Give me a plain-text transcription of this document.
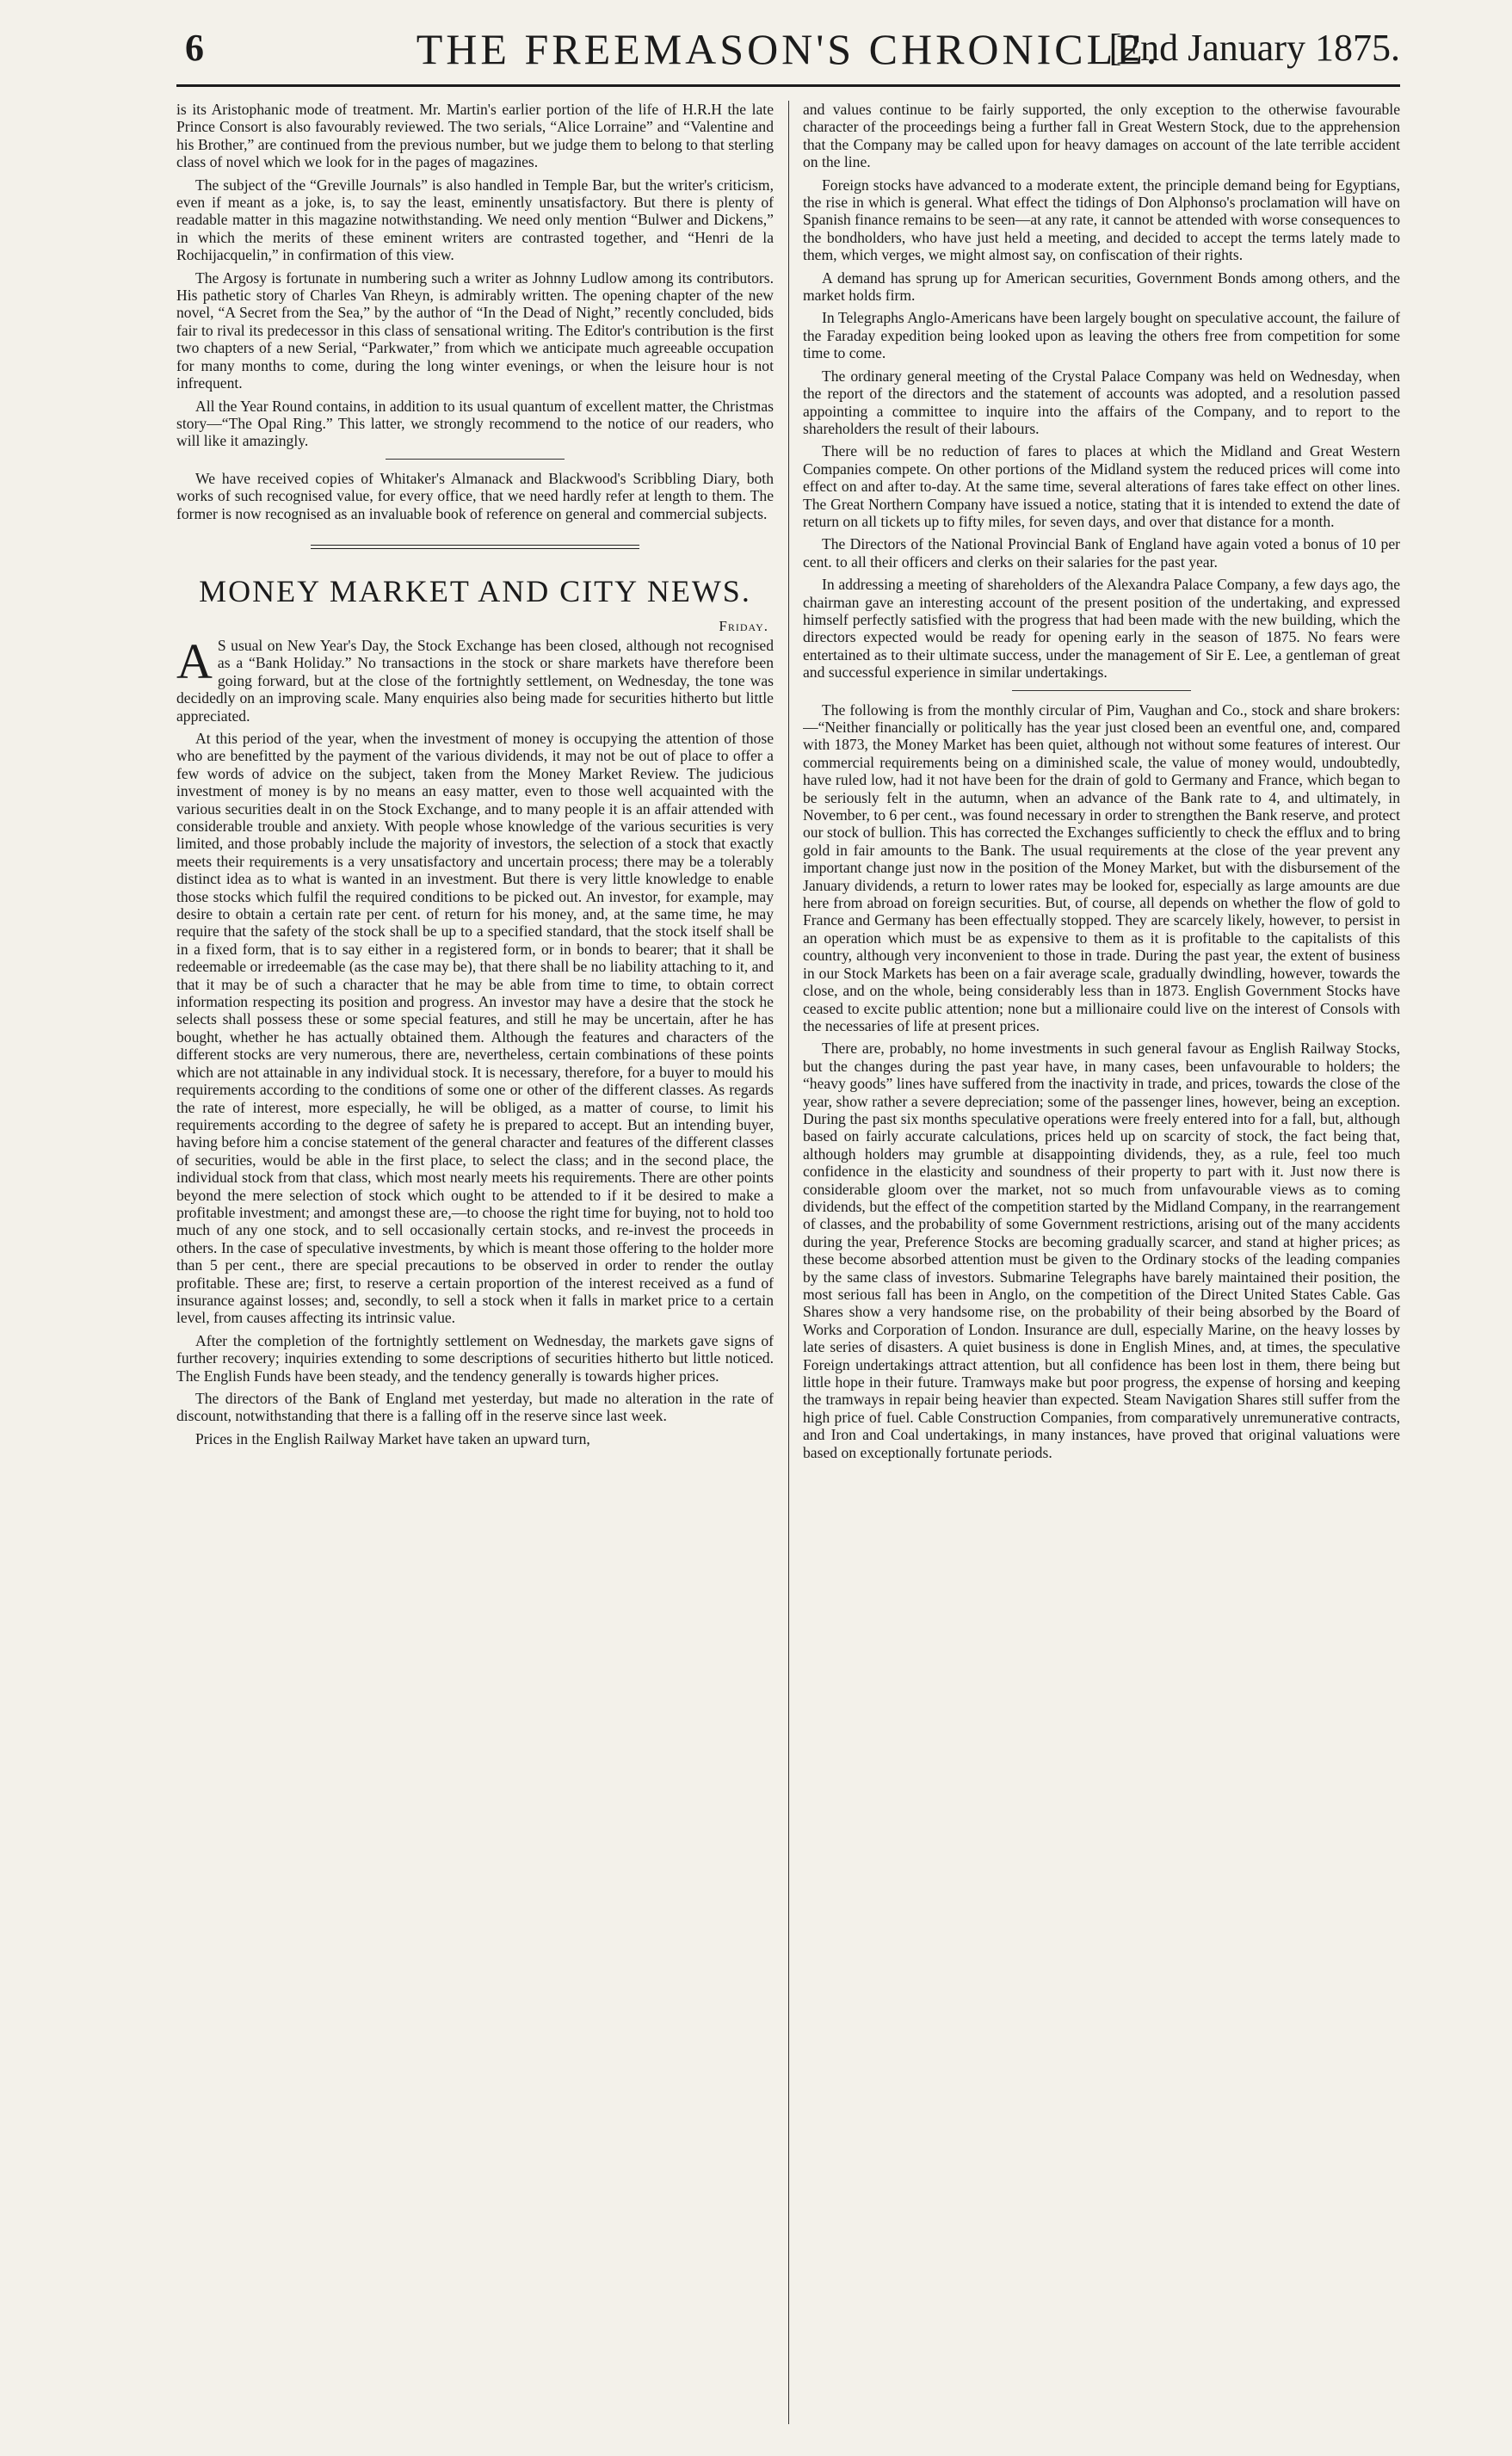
6	THE FREEMASON'S CHRONICLE.
[2nd January 1875.

is its Aristophanic mode of treatment. Mr. Martin's earlier portion of the life of H.R.H the late Prince Consort is also favourably reviewed. The two serials, “Alice Lorraine” and “Valentine and his Brother,” are continued from the previous number, but we judge them to belong to that sterling class of novel which we look for in the pages of magazines.

The subject of the “Greville Journals” is also handled in Temple Bar, but the writer's criticism, even if meant as a joke, is, to say the least, eminently unsatisfactory. But there is plenty of readable matter in this magazine notwithstanding. We need only mention “Bulwer and Dickens,” in which the merits of these eminent writers are contrasted together, and “Henri de la Rochijacquelin,” in confirmation of this view.

The Argosy is fortunate in numbering such a writer as Johnny Ludlow among its contributors. His pathetic story of Charles Van Rheyn, is admirably written. The opening chapter of the new novel, “A Secret from the Sea,” by the author of “In the Dead of Night,” recently concluded, bids fair to rival its predecessor in this class of sensational writing. The Editor's contribution is the first two chapters of a new Serial, “Parkwater,” from which we anticipate much agreeable occupation for many months to come, during the long winter evenings, or when the leisure hour is not infrequent.

All the Year Round contains, in addition to its usual quantum of excellent matter, the Christmas story—“The Opal Ring.” This latter, we strongly recommend to the notice of our readers, who will like it amazingly.

We have received copies of Whitaker's Almanack and Blackwood's Scribbling Diary, both works of such recognised value, for every office, that we need hardly refer at length to them. The former is now recognised as an invaluable book of reference on general and commercial subjects.

MONEY MARKET AND CITY NEWS.
Friday.

A S usual on New Year's Day, the Stock Exchange has been closed, although not recognised as a “Bank Holiday.” No transactions in the stock or share markets have therefore been going forward, but at the close of the fortnightly settlement, on Wednesday, the tone was decidedly on an improving scale. Many enquiries also being made for securities hitherto but little appreciated.

At this period of the year, when the investment of money is occupying the attention of those who are benefitted by the payment of the various dividends, it may not be out of place to offer a few words of advice on the subject, taken from the Money Market Review. The judicious investment of money is by no means an easy matter, even to those well acquainted with the various securities dealt in on the Stock Exchange, and to many people it is an affair attended with considerable trouble and anxiety. With people whose knowledge of the various securities is very limited, and those probably include the majority of investors, the selection of a stock that exactly meets their requirements is a very unsatisfactory and uncertain process; there may be a tolerably distinct idea as to what is wanted in an investment. But there is very little knowledge to enable those stocks which fulfil the required conditions to be picked out. An investor, for example, may desire to obtain a certain rate per cent. of return for his money, and, at the same time, he may require that the safety of the stock shall be up to a specified standard, that the stock itself shall be in a fixed form, that is to say either in a registered form, or in bonds to bearer; that it shall be redeemable or irredeemable (as the case may be), that there shall be no liability attaching to it, and that it may be of such a character that he may be able from time to time, to obtain correct information respecting its position and progress. An investor may have a desire that the stock he selects shall possess these or some special features, and still he may be uncertain, after he has bought, whether he has actually obtained them. Although the features and characters of the different stocks are very numerous, there are, nevertheless, certain combinations of these points which are not attainable in any individual stock. It is necessary, therefore, for a buyer to mould his requirements according to the conditions of some one or other of the different classes. As regards the rate of interest, more especially, he will be obliged, as a matter of course, to limit his requirements according to the degree of safety he is prepared to accept. But an intending buyer, having before him a concise statement of the general character and features of the different classes of securities, would be able in the first place, to select the class; and in the second place, the individual stock from that class, which most nearly meets his requirements. There are other points beyond the mere selection of stock which ought to be attended to if it be desired to make a profitable investment; and amongst these are,—to choose the right time for buying, not to hold too much of any one stock, and to sell occasionally certain stocks, and re-invest the proceeds in others. In the case of speculative investments, by which is meant those offering to the holder more than 5 per cent., there are special precautions to be observed in order to render the outlay profitable. These are; first, to reserve a certain proportion of the interest received as a fund of insurance against losses; and, secondly, to sell a stock when it falls in market price to a certain level, from causes affecting its intrinsic value.

After the completion of the fortnightly settlement on Wednesday, the markets gave signs of further recovery; inquiries extending to some descriptions of securities hitherto but little noticed. The English Funds have been steady, and the tendency generally is towards higher prices.

The directors of the Bank of England met yesterday, but made no alteration in the rate of discount, notwithstanding that there is a falling off in the reserve since last week.

Prices in the English Railway Market have taken an upward turn,

and values continue to be fairly supported, the only exception to the otherwise favourable character of the proceedings being a further fall in Great Western Stock, due to the apprehension that the Company may be called upon for heavy damages on account of the late terrible accident on the line.

Foreign stocks have advanced to a moderate extent, the principle demand being for Egyptians, the rise in which is general. What effect the tidings of Don Alphonso's proclamation will have on Spanish finance remains to be seen—at any rate, it cannot be attended with worse consequences to the bondholders, who have just held a meeting, and decided to accept the terms lately made to them, which verges, we might almost say, on confiscation of their rights.

A demand has sprung up for American securities, Government Bonds among others, and the market holds firm.

In Telegraphs Anglo-Americans have been largely bought on speculative account, the failure of the Faraday expedition being looked upon as leaving the others free from competition for some time to come.

The ordinary general meeting of the Crystal Palace Company was held on Wednesday, when the report of the directors and the statement of accounts was adopted, and a resolution passed appointing a committee to inquire into the affairs of the Company, and to report to the shareholders the result of their labours.

There will be no reduction of fares to places at which the Midland and Great Western Companies compete. On other portions of the Midland system the reduced prices will come into effect on and after to-day. At the same time, several alterations of fares take effect on other lines. The Great Northern Company have issued a notice, stating that it is intended to extend the date of return on all tickets up to fifty miles, for seven days, and over that distance for a month.

The Directors of the National Provincial Bank of England have again voted a bonus of 10 per cent. to all their officers and clerks on their salaries for the past year.

In addressing a meeting of shareholders of the Alexandra Palace Company, a few days ago, the chairman gave an interesting account of the present position of the undertaking, and expressed himself perfectly satisfied with the progress that had been made with the new building, which the directors expected would be ready for opening early in the season of 1875. No fears were entertained as to their ultimate success, under the management of Sir E. Lee, a gentleman of great and successful experience in similar undertakings.

The following is from the monthly circular of Pim, Vaughan and Co., stock and share brokers:—“Neither financially or politically has the year just closed been an eventful one, and, compared with 1873, the Money Market has been quiet, although not without some features of interest. Our commercial requirements being on a diminished scale, the value of money would, undoubtedly, have ruled low, had it not have been for the drain of gold to Germany and France, which began to be seriously felt in the autumn, when an advance of the Bank rate to 4, and ultimately, in November, to 6 per cent., was found necessary in order to strengthen the Bank reserve, and protect our stock of bullion. This has corrected the Exchanges sufficiently to check the efflux and to bring gold in fair amounts to the Bank. The usual requirements at the close of the year prevent any important change just now in the position of the Money Market, but with the disbursement of the January dividends, a return to lower rates may be looked for, especially as large amounts are due here from abroad on foreign securities. But, of course, all depends on whether the flow of gold to France and Germany has been effectually stopped. They are scarcely likely, however, to persist in an operation which must be as expensive to them as it is profitable to the capitalists of this country, although very inconvenient to those in trade. During the past year, the extent of business in our Stock Markets has been on a fair average scale, gradually dwindling, however, towards the close, and on the whole, being considerably less than in 1873. English Government Stocks have ceased to excite public attention; none but a millionaire could live on the interest of Consols with the necessaries of life at present prices.

There are, probably, no home investments in such general favour as English Railway Stocks, but the changes during the past year have, in many cases, been unfavourable to holders; the “heavy goods” lines have suffered from the inactivity in trade, and prices, towards the close of the year, show rather a severe depreciation; some of the passenger lines, however, being an exception. During the past six months speculative operations were freely entered into for a fall, but, although based on fairly accurate calculations, prices held up on scarcity of stock, the fact being that, although holders may grumble at disappointing dividends, they, as a rule, feel too much confidence in the elasticity and soundness of their property to part with it. Just now there is considerable gloom over the market, not so much from unfavourable views as to coming dividends, but the effect of the competition started by the Midland Company, in the rearrangement of classes, and the probability of some Government restrictions, arising out of the many accidents during the year, Preference Stocks are becoming gradually scarcer, and stand at higher prices; as these become absorbed attention must be given to the Ordinary stocks of the leading companies by the same class of investors. Submarine Telegraphs have barely maintained their position, the most serious fall has been in Anglo, on the competition of the Direct United States Cable. Gas Shares show a very handsome rise, on the probability of their being absorbed by the Board of Works and Corporation of London. Insurance are dull, especially Marine, on the heavy losses by late series of disasters. A quiet business is done in English Mines, and, at times, the speculative Foreign undertakings attract attention, but all confidence has been lost in them, there being but little hope in their future. Tramways make but poor progress, the expense of horsing and keeping the tramways in repair being heavier than expected. Steam Navigation Shares still suffer from the high price of fuel. Cable Construction Companies, from comparatively unremunerative contracts, and Iron and Coal undertakings, in many instances, have proved that original valuations were based on exceptionally fortunate periods.
